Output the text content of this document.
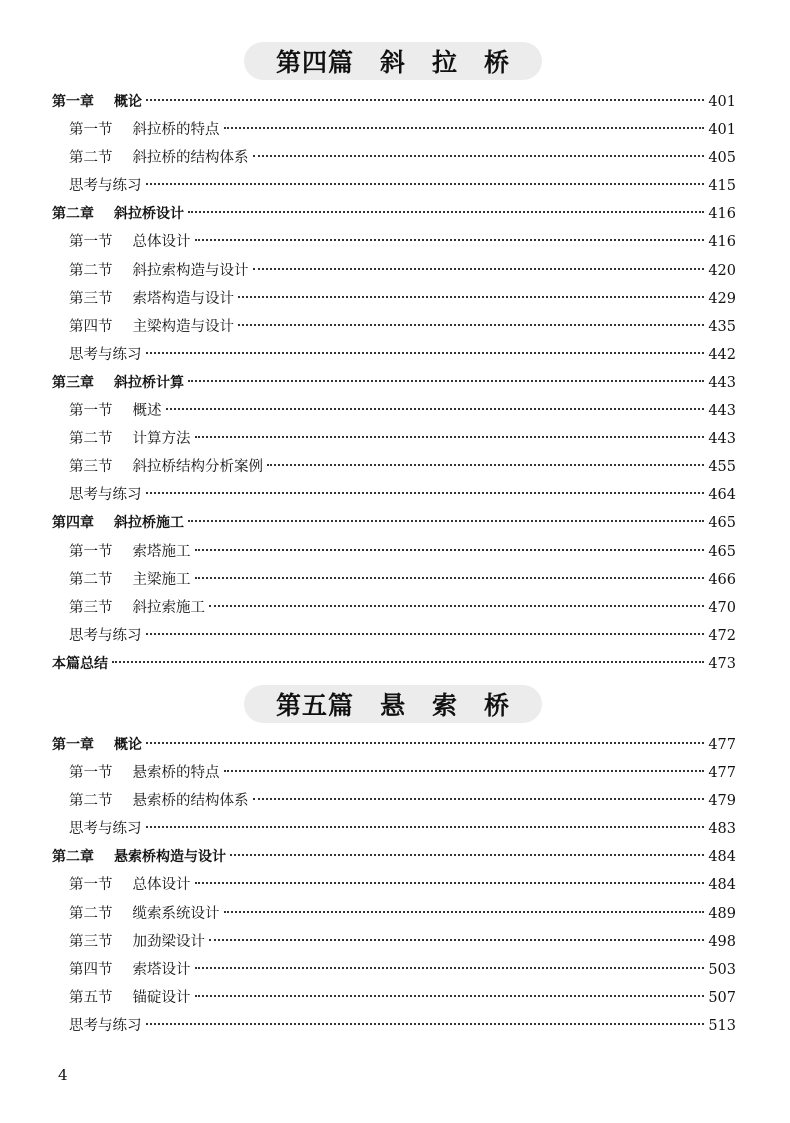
第四篇　斜　拉　桥
第一章 概论	401
第一节 斜拉桥的特点	401
第二节 斜拉桥的结构体系	405
思考与练习	415
第二章 斜拉桥设计	416
第一节 总体设计	416
第二节 斜拉索构造与设计	420
第三节 索塔构造与设计	429
第四节 主梁构造与设计	435
思考与练习	442
第三章 斜拉桥计算	443
第一节 概述	443
第二节 计算方法	443
第三节 斜拉桥结构分析案例	455
思考与练习	464
第四章 斜拉桥施工	465
第一节 索塔施工	465
第二节 主梁施工	466
第三节 斜拉索施工	470
思考与练习	472
本篇总结	473
第五篇　悬　索　桥
第一章 概论	477
第一节 悬索桥的特点	477
第二节 悬索桥的结构体系	479
思考与练习	483
第二章 悬索桥构造与设计	484
第一节 总体设计	484
第二节 缆索系统设计	489
第三节 加劲梁设计	498
第四节 索塔设计	503
第五节 锚碇设计	507
思考与练习	513
4
